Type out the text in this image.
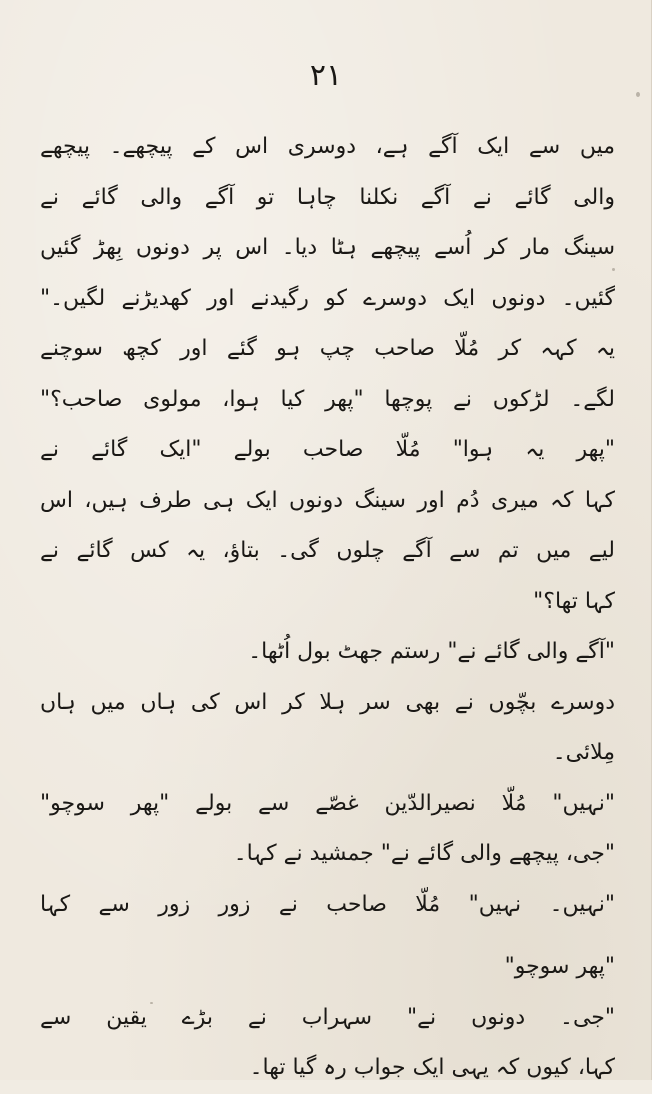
۲۱
میں سے ایک آگے ہے، دوسری اس کے پیچھے۔ پیچھے
والی گائے نے آگے نکلنا چاہا تو آگے والی گائے نے
سینگ مار کر اُسے پیچھے ہٹا دیا۔ اس پر دونوں بِھڑ گئیں
گئیں۔ دونوں ایک دوسرے کو رگیدنے اور کھدیڑنے لگیں۔"
یہ کہہ کر مُلّا صاحب چپ ہو گئے اور کچھ سوچنے
لگے۔ لڑکوں نے پوچھا "پھر کیا ہوا، مولوی صاحب؟"
"پھر یہ ہوا" مُلّا صاحب بولے "ایک گائے نے
کہا کہ میری دُم اور سینگ دونوں ایک ہی طرف ہیں، اس
لیے میں تم سے آگے چلوں گی۔ بتاؤ، یہ کس گائے نے
کہا تھا؟"
"آگے والی گائے نے" رستم جھٹ بول اُٹھا۔
دوسرے بچّوں نے بھی سر ہلا کر اس کی ہاں میں ہاں
مِلائی۔
"نہیں" مُلّا نصیرالدّین غصّے سے بولے "پھر سوچو"
"جی، پیچھے والی گائے نے" جمشید نے کہا۔
"نہیں۔ نہیں" مُلّا صاحب نے زور زور سے کہا
"پھر سوچو"
"جی۔ دونوں نے" سہراب نے بڑے یقین سے
کہا، کیوں کہ یہی ایک جواب رہ گیا تھا۔
